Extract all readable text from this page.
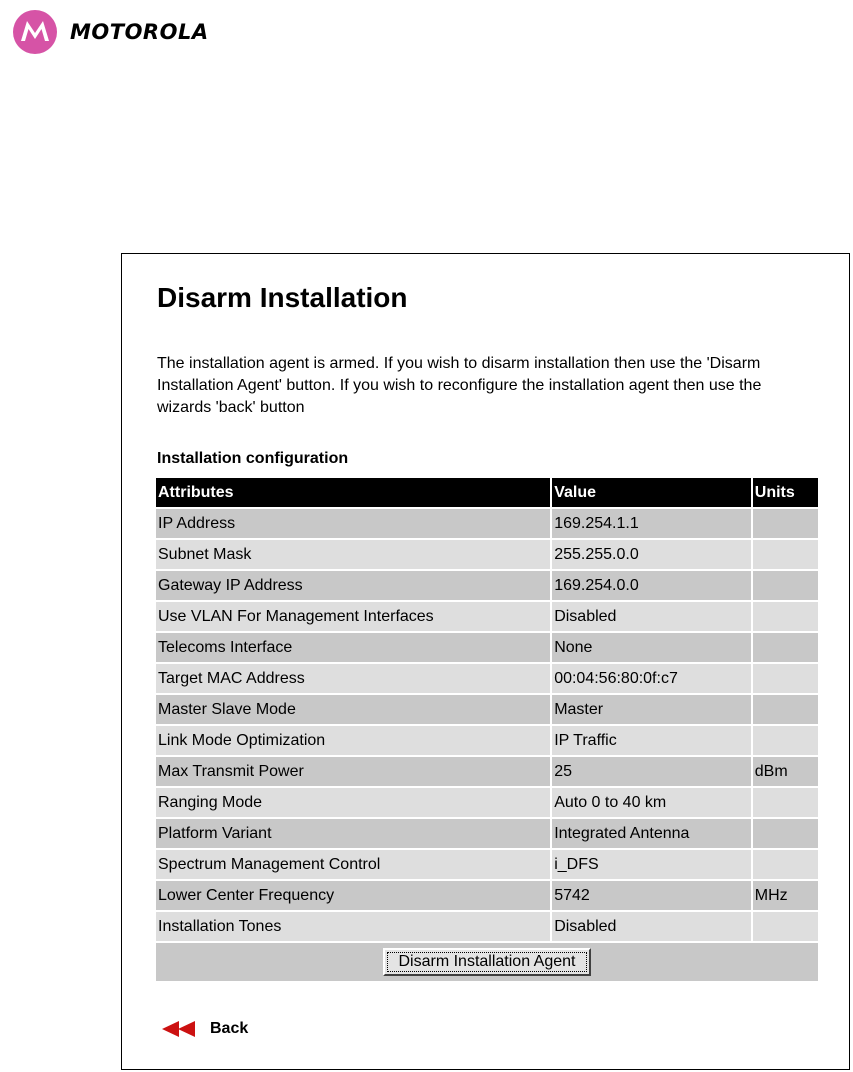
MOTOROLA
Disarm Installation

The installation agent is armed. If you wish to disarm installation then use the 'Disarm Installation Agent' button. If you wish to reconfigure the installation agent then use the wizards 'back' button

Installation configuration

Attributes	Value	Units
IP Address	169.254.1.1	
Subnet Mask	255.255.0.0	
Gateway IP Address	169.254.0.0	
Use VLAN For Management Interfaces	Disabled	
Telecoms Interface	None	
Target MAC Address	00:04:56:80:0f:c7	
Master Slave Mode	Master	
Link Mode Optimization	IP Traffic	
Max Transmit Power	25	dBm
Ranging Mode	Auto 0 to 40 km	
Platform Variant	Integrated Antenna	
Spectrum Management Control	i_DFS	
Lower Center Frequency	5742	MHz
Installation Tones	Disabled	
Disarm Installation Agent		
Back
